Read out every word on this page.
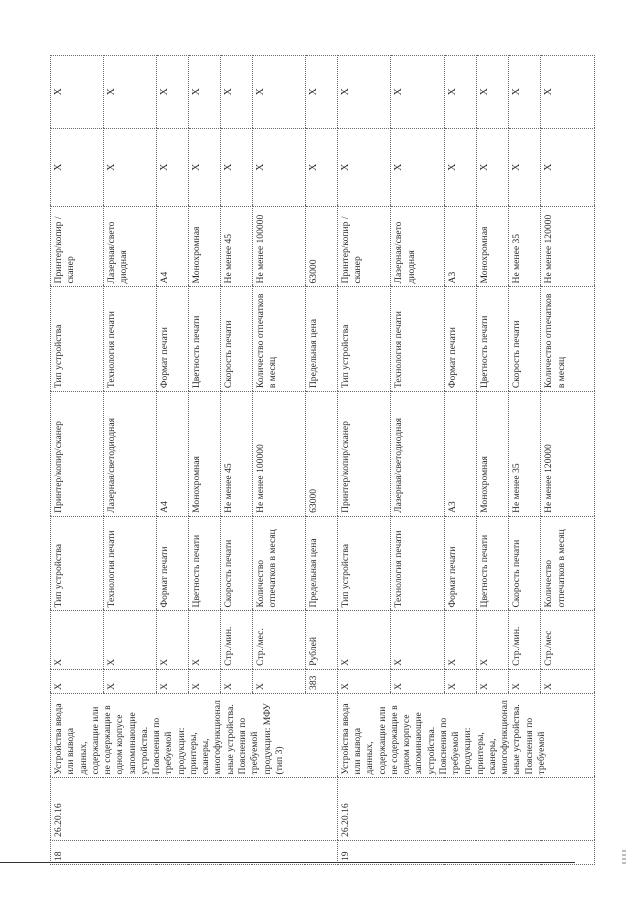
18	26.20.16	Устройства ввода или вывода данных, содержащие или не содержащие в одном корпусе запоминающие устройства. Пояснения по требуемой продукции: принтеры, сканеры, многофункциональные устройства. Пояснения по требуемой продукции: МФУ (тип 3)	X	X	Тип устройства	Принтер/копир/сканер	Тип устройства	Принтер/копир /сканер	X	X
			X	X	Технология печати	Лазерная/светодиодная	Технология печати	Лазерная/свето диодная	X	X
			X	X	Формат печати	A4	Формат печати	A4	X	X
			X	X	Цветность печати	Монохромная	Цветность печати	Монохромная	X	X
			X	Стр./мин.	Скорость печати	Не менее 45	Скорость печати	Не менее 45	X	X
			X	Стр./мес.	Количество отпечатков в месяц	Не менее 100000	Количество отпечатков в месяц	Не менее 100000	X	X
			383	Рублей	Предельная цена	63000	Предельная цена	63000	X	X
19	26.20.16	Устройства ввода или вывода данных, содержащие или не содержащие в одном корпусе запоминающие устройства. Пояснения по требуемой продукции: принтеры, сканеры, многофункциональные устройства. Пояснения по требуемой	X	X	Тип устройства	Принтер/копир/сканер	Тип устройства	Принтер/копир /сканер	X	X
			X	X	Технология печати	Лазерная/светодиодная	Технология печати	Лазерная/свето диодная	X	X
			X	X	Формат печати	A3	Формат печати	A3	X	X
			X	X	Цветность печати	Монохромная	Цветность печати	Монохромная	X	X
			X	Стр./мин.	Скорость печати	Не менее 35	Скорость печати	Не менее 35	X	X
			X	Стр./мес	Количество отпечатков в месяц	Не менее 120000	Количество отпечатков в месяц	Не менее 120000	X	X
